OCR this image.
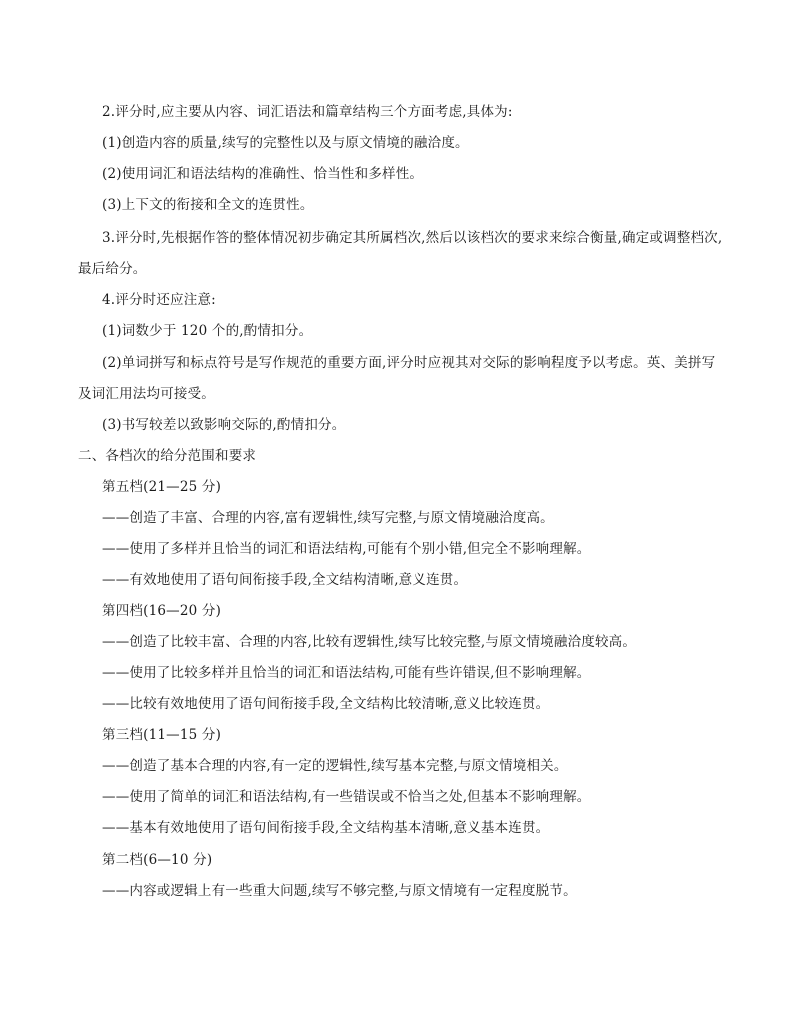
2.评分时,应主要从内容、词汇语法和篇章结构三个方面考虑,具体为:
(1)创造内容的质量,续写的完整性以及与原文情境的融洽度。
(2)使用词汇和语法结构的准确性、恰当性和多样性。
(3)上下文的衔接和全文的连贯性。
3.评分时,先根据作答的整体情况初步确定其所属档次,然后以该档次的要求来综合衡量,确定或调整档次,
最后给分。
4.评分时还应注意:
(1)词数少于 120 个的,酌情扣分。
(2)单词拼写和标点符号是写作规范的重要方面,评分时应视其对交际的影响程度予以考虑。英、美拼写
及词汇用法均可接受。
(3)书写较差以致影响交际的,酌情扣分。
二、各档次的给分范围和要求
第五档(21—25 分)
——创造了丰富、合理的内容,富有逻辑性,续写完整,与原文情境融洽度高。
——使用了多样并且恰当的词汇和语法结构,可能有个别小错,但完全不影响理解。
——有效地使用了语句间衔接手段,全文结构清晰,意义连贯。
第四档(16—20 分)
——创造了比较丰富、合理的内容,比较有逻辑性,续写比较完整,与原文情境融洽度较高。
——使用了比较多样并且恰当的词汇和语法结构,可能有些许错误,但不影响理解。
——比较有效地使用了语句间衔接手段,全文结构比较清晰,意义比较连贯。
第三档(11—15 分)
——创造了基本合理的内容,有一定的逻辑性,续写基本完整,与原文情境相关。
——使用了简单的词汇和语法结构,有一些错误或不恰当之处,但基本不影响理解。
——基本有效地使用了语句间衔接手段,全文结构基本清晰,意义基本连贯。
第二档(6—10 分)
——内容或逻辑上有一些重大问题,续写不够完整,与原文情境有一定程度脱节。
